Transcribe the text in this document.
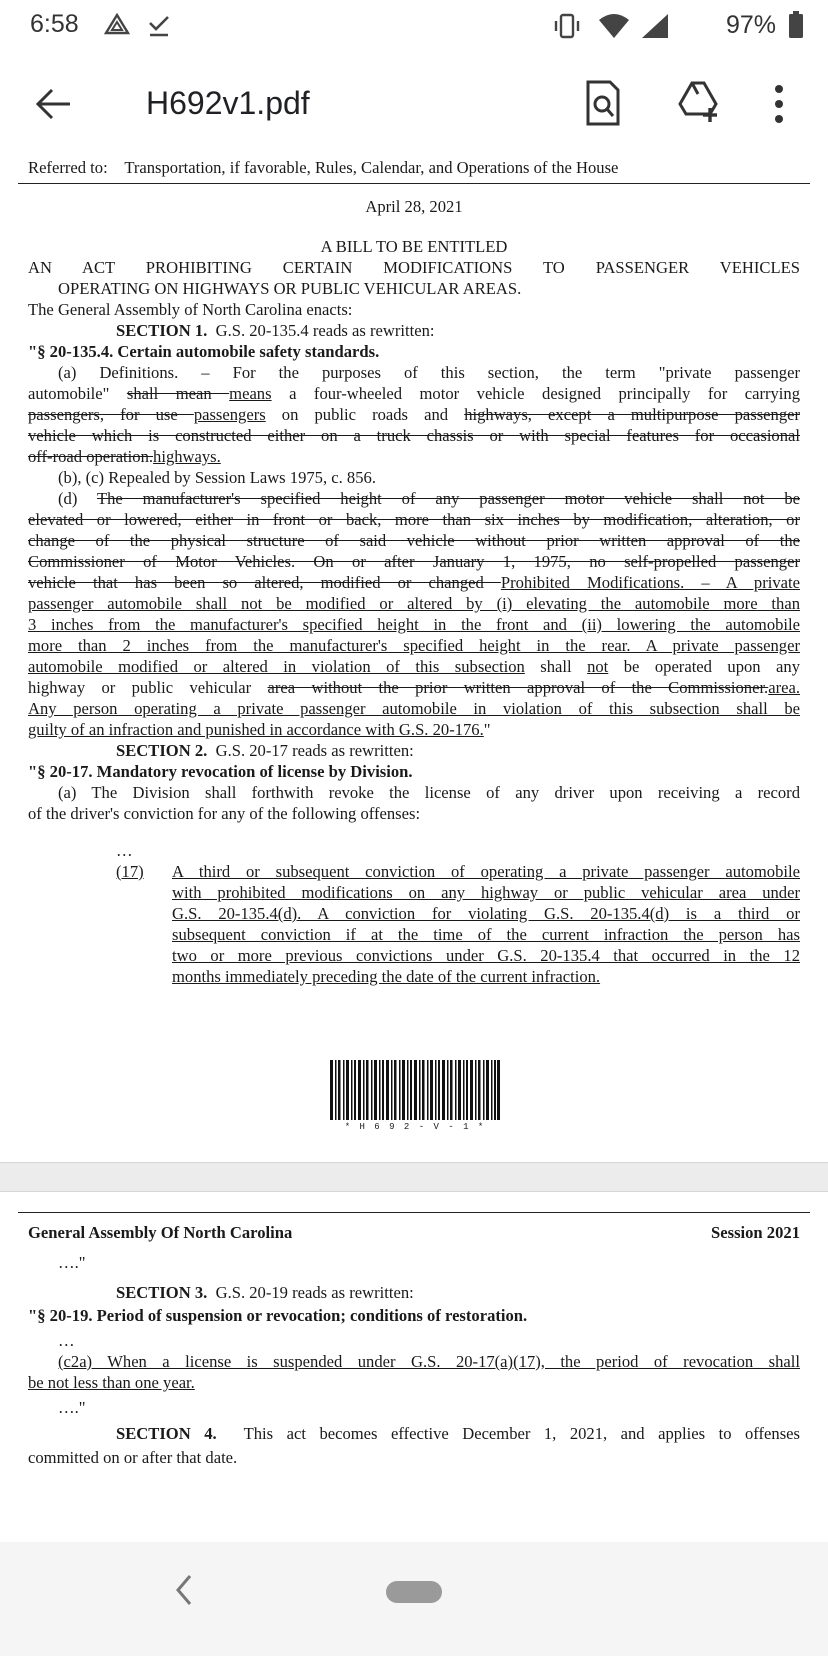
6:58	97%
H692v1.pdf
Referred to: Transportation, if favorable, Rules, Calendar, and Operations of the House
April 28, 2021
A BILL TO BE ENTITLED
AN ACT PROHIBITING CERTAIN MODIFICATIONS TO PASSENGER VEHICLES
OPERATING ON HIGHWAYS OR PUBLIC VEHICULAR AREAS.
The General Assembly of North Carolina enacts:
SECTION 1. G.S. 20-135.4 reads as rewritten:
"§ 20-135.4. Certain automobile safety standards.
(a) Definitions. – For the purposes of this section, the term "private passenger
automobile" shall mean means a four-wheeled motor vehicle designed principally for carrying
passengers, for use passengers on public roads and highways, except a multipurpose passenger
vehicle which is constructed either on a truck chassis or with special features for occasional
off-road operation.highways.
(b), (c) Repealed by Session Laws 1975, c. 856.
(d) The manufacturer's specified height of any passenger motor vehicle shall not be
elevated or lowered, either in front or back, more than six inches by modification, alteration, or
change of the physical structure of said vehicle without prior written approval of the
Commissioner of Motor Vehicles. On or after January 1, 1975, no self-propelled passenger
vehicle that has been so altered, modified or changed Prohibited Modifications. – A private
passenger automobile shall not be modified or altered by (i) elevating the automobile more than
3 inches from the manufacturer's specified height in the front and (ii) lowering the automobile
more than 2 inches from the manufacturer's specified height in the rear. A private passenger
automobile modified or altered in violation of this subsection shall not be operated upon any
highway or public vehicular area without the prior written approval of the Commissioner.area.
Any person operating a private passenger automobile in violation of this subsection shall be
guilty of an infraction and punished in accordance with G.S. 20-176."
SECTION 2. G.S. 20-17 reads as rewritten:
"§ 20-17. Mandatory revocation of license by Division.
(a) The Division shall forthwith revoke the license of any driver upon receiving a record
of the driver's conviction for any of the following offenses:
…
(17) A third or subsequent conviction of operating a private passenger automobile
with prohibited modifications on any highway or public vehicular area under
G.S. 20-135.4(d). A conviction for violating G.S. 20-135.4(d) is a third or
subsequent conviction if at the time of the current infraction the person has
two or more previous convictions under G.S. 20-135.4 that occurred in the 12
months immediately preceding the date of the current infraction.
* H 6 9 2 - V - 1 *
General Assembly Of North Carolina	Session 2021
…."
SECTION 3. G.S. 20-19 reads as rewritten:
"§ 20-19. Period of suspension or revocation; conditions of restoration.
…
(c2a) When a license is suspended under G.S. 20-17(a)(17), the period of revocation shall
be not less than one year.
…."
SECTION 4. This act becomes effective December 1, 2021, and applies to offenses
committed on or after that date.
